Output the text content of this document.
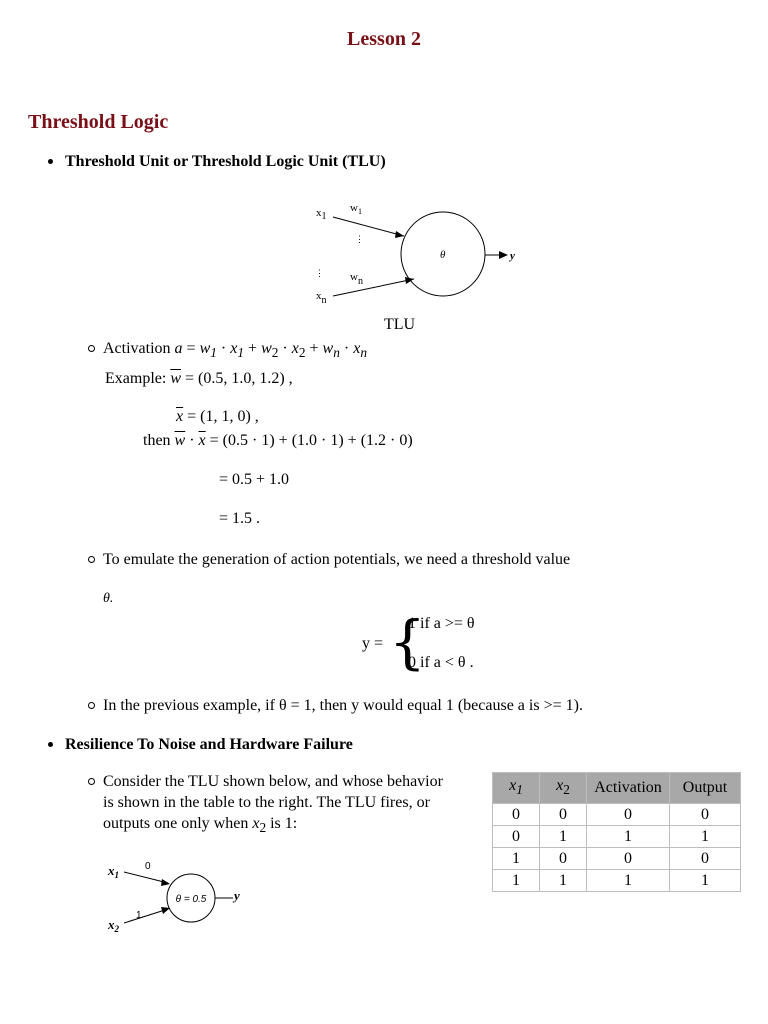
Lesson 2
Threshold Logic
Threshold Unit or Threshold Logic Unit (TLU)
x1
$w_1$
⋮
⋮ wn
xn
θ	y
TLU
Activation $a = w_1 \cdot x_1 + w_2 \cdot x_2 + w_n \cdot x_n$
Example: $\overline{w} = (0.5$, 1.0, 1.2) ,
$\overline{x} = (1$, 1, 0) ,
then $\overline{w} \cdot \overline{x} = (0.5 \cdot 1) + (1.0 \cdot 1) + (1.2 \cdot 0)$
= 0.5 + 1.0
= 1.5 .
To emulate the generation of action potentials, we need a threshold value
θ.
y = {
1 if a >= θ
0 if a < θ .
In the previous example, if θ = 1, then y would equal 1 (because a is >= 1).
Resilience To Noise and Hardware Failure
Consider the TLU shown below, and whose behavior
is shown in the table to the right. The TLU fires, or
outputs one only when $x_2$ is 1:
$x_1$
0
1
$x_2$
θ = 0.5 y
$x_1$	$x_2$	Activation	Output
0	0	0	0
0	1	1	1
1	0	0	0
1	1	1	1
